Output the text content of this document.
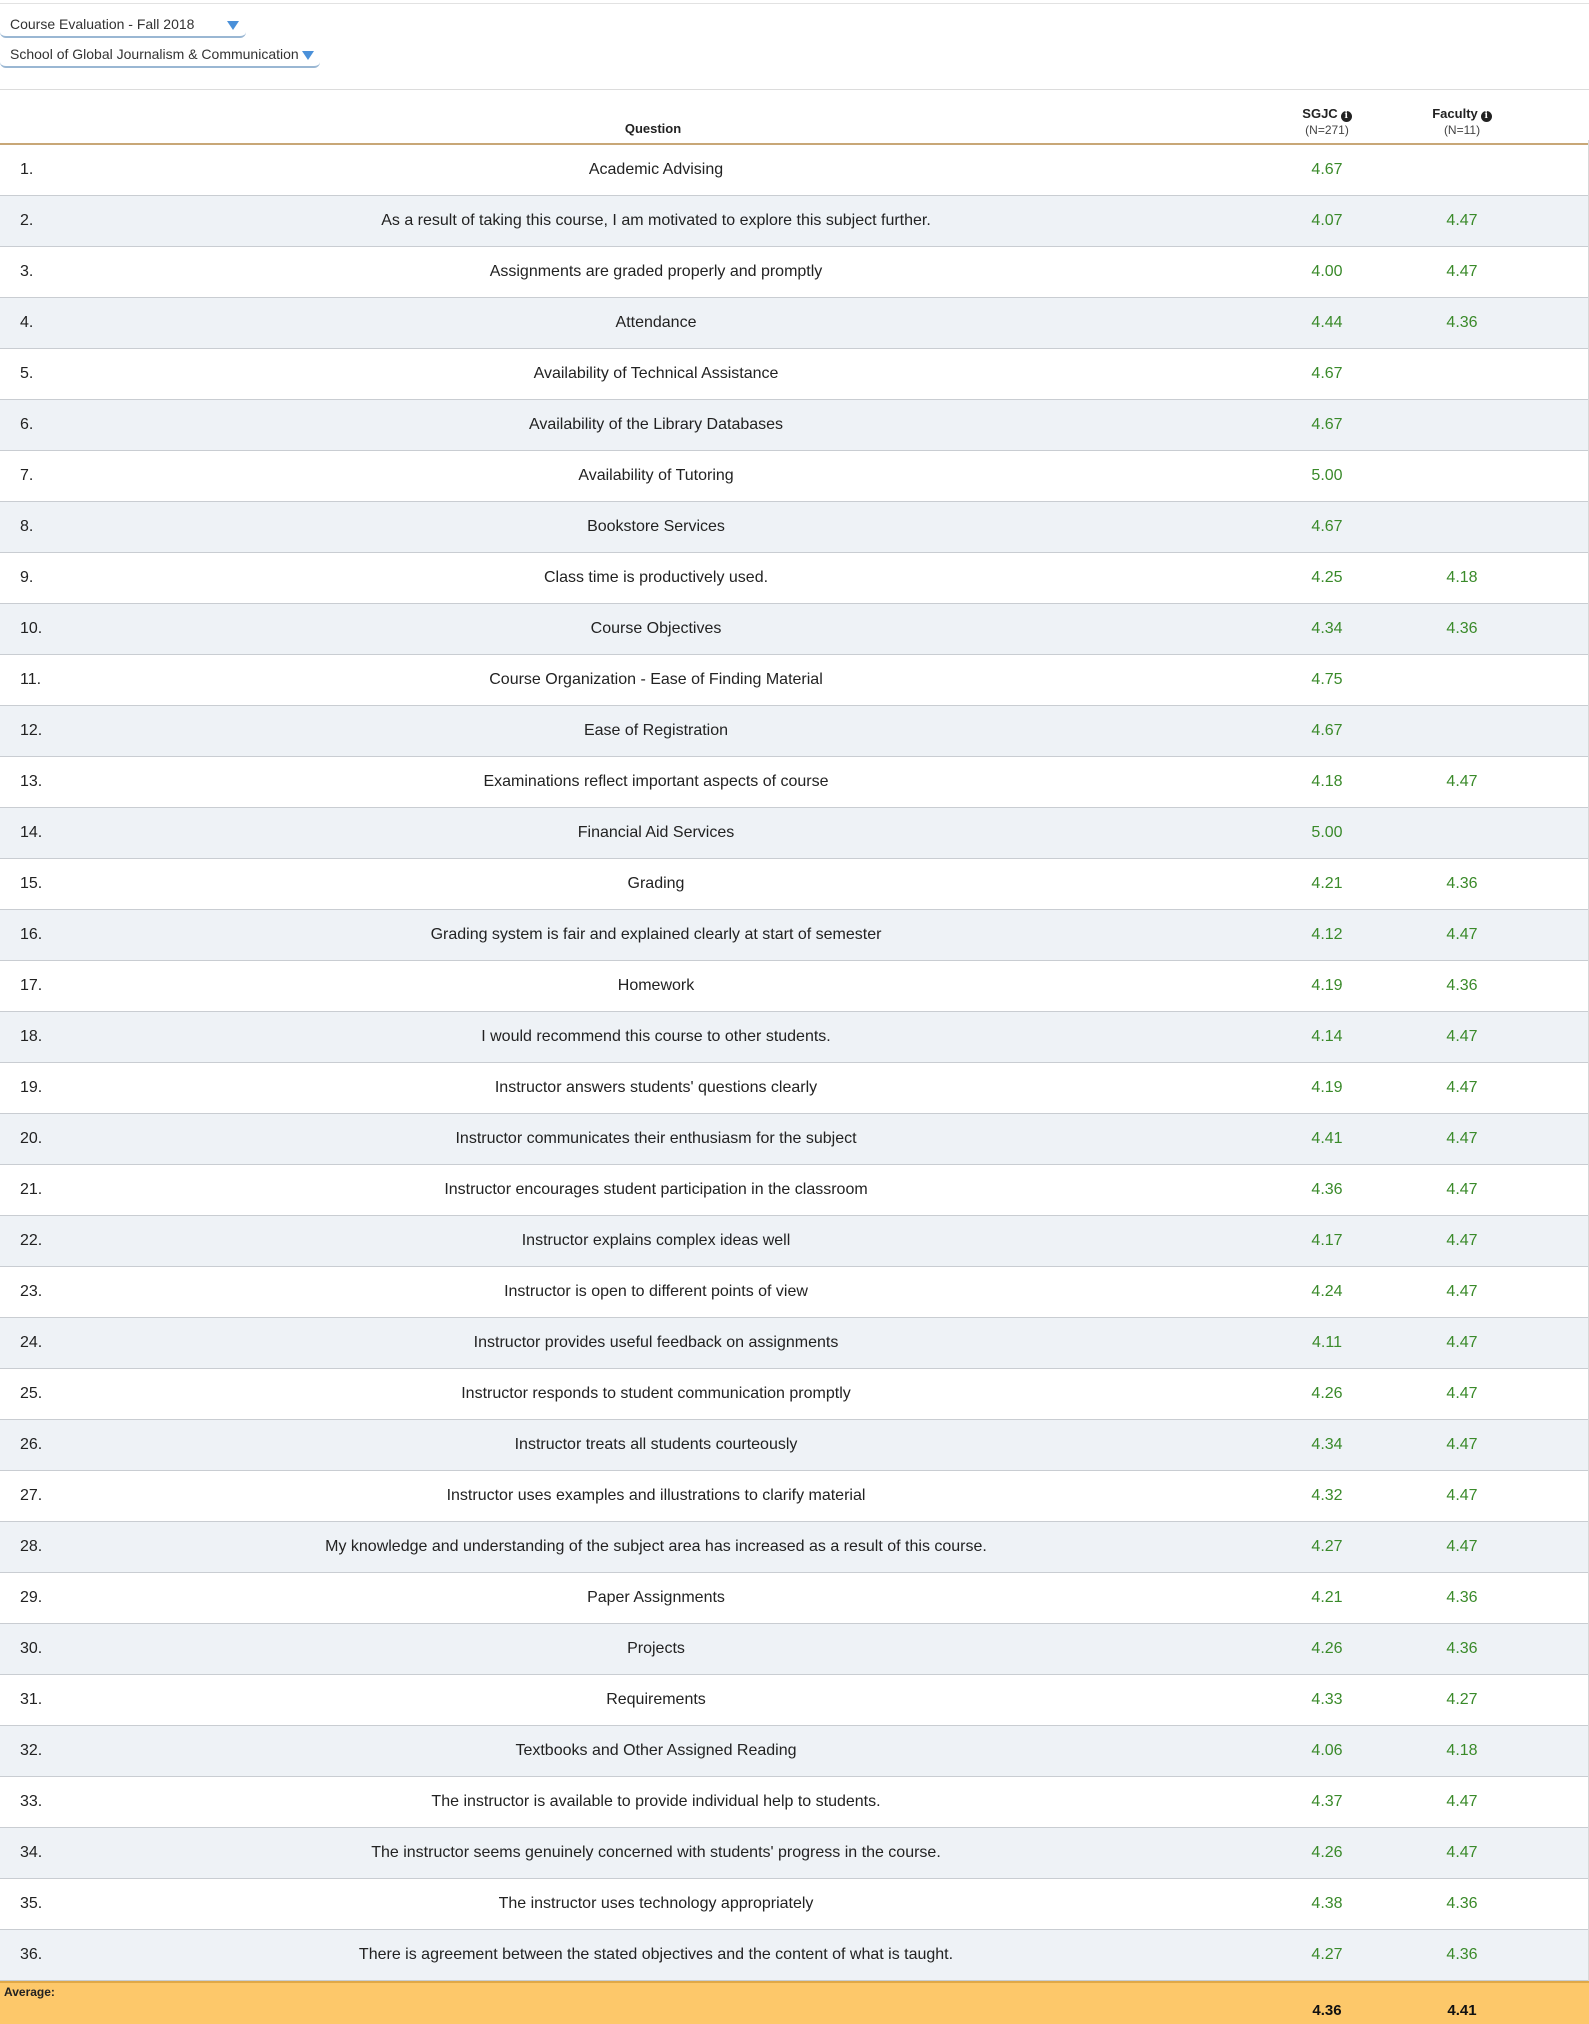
Course Evaluation - Fall 2018
School of Global Journalism & Communication
Question
SGJC i
(N=271)
Faculty i
(N=11)
1.	Academic Advising	4.67
2.	As a result of taking this course, I am motivated to explore this subject further.	4.07	4.47
3.	Assignments are graded properly and promptly	4.00	4.47
4.	Attendance	4.44	4.36
5.	Availability of Technical Assistance	4.67
6.	Availability of the Library Databases	4.67
7.	Availability of Tutoring	5.00
8.	Bookstore Services	4.67
9.	Class time is productively used.	4.25	4.18
10.	Course Objectives	4.34	4.36
11.	Course Organization - Ease of Finding Material	4.75
12.	Ease of Registration	4.67
13.	Examinations reflect important aspects of course	4.18	4.47
14.	Financial Aid Services	5.00
15.	Grading	4.21	4.36
16.	Grading system is fair and explained clearly at start of semester	4.12	4.47
17.	Homework	4.19	4.36
18.	I would recommend this course to other students.	4.14	4.47
19.	Instructor answers students' questions clearly	4.19	4.47
20.	Instructor communicates their enthusiasm for the subject	4.41	4.47
21.	Instructor encourages student participation in the classroom	4.36	4.47
22.	Instructor explains complex ideas well	4.17	4.47
23.	Instructor is open to different points of view	4.24	4.47
24.	Instructor provides useful feedback on assignments	4.11	4.47
25.	Instructor responds to student communication promptly	4.26	4.47
26.	Instructor treats all students courteously	4.34	4.47
27.	Instructor uses examples and illustrations to clarify material	4.32	4.47
28.	My knowledge and understanding of the subject area has increased as a result of this course.	4.27	4.47
29.	Paper Assignments	4.21	4.36
30.	Projects	4.26	4.36
31.	Requirements	4.33	4.27
32.	Textbooks and Other Assigned Reading	4.06	4.18
33.	The instructor is available to provide individual help to students.	4.37	4.47
34.	The instructor seems genuinely concerned with students' progress in the course.	4.26	4.47
35.	The instructor uses technology appropriately	4.38	4.36
36.	There is agreement between the stated objectives and the content of what is taught.	4.27	4.36
Average:
4.36	4.41
